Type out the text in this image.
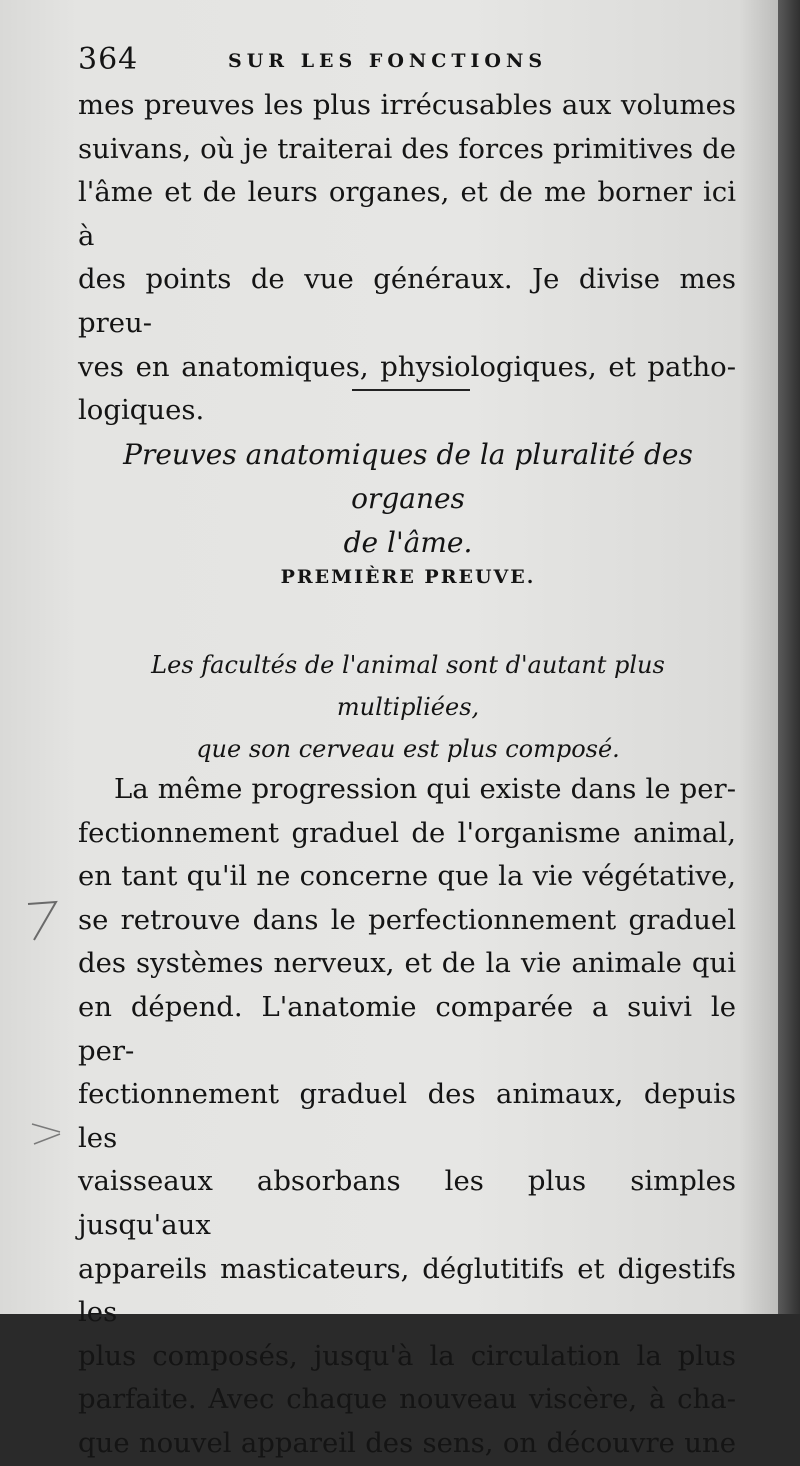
364	SUR LES FONCTIONS

mes preuves les plus irrécusables aux volumes
suivans, où je traiterai des forces primitives de
l'âme et de leurs organes, et de me borner ici à
des points de vue généraux. Je divise mes preu-
ves en anatomiques, physiologiques, et patho-
logiques.

Preuves anatomiques de la pluralité des organes
de l'âme.
PREMIÈRE PREUVE.
Les facultés de l'animal sont d'autant plus multipliées,
que son cerveau est plus composé.

La même progression qui existe dans le per-
fectionnement graduel de l'organisme animal,
en tant qu'il ne concerne que la vie végétative,
se retrouve dans le perfectionnement graduel
des systèmes nerveux, et de la vie animale qui
en dépend. L'anatomie comparée a suivi le per-
fectionnement graduel des animaux, depuis les
vaisseaux absorbans les plus simples jusqu'aux
appareils masticateurs, déglutitifs et digestifs les
plus composés, jusqu'à la circulation la plus
parfaite. Avec chaque nouveau viscère, à cha-
que nouvel appareil des sens, on découvre une
